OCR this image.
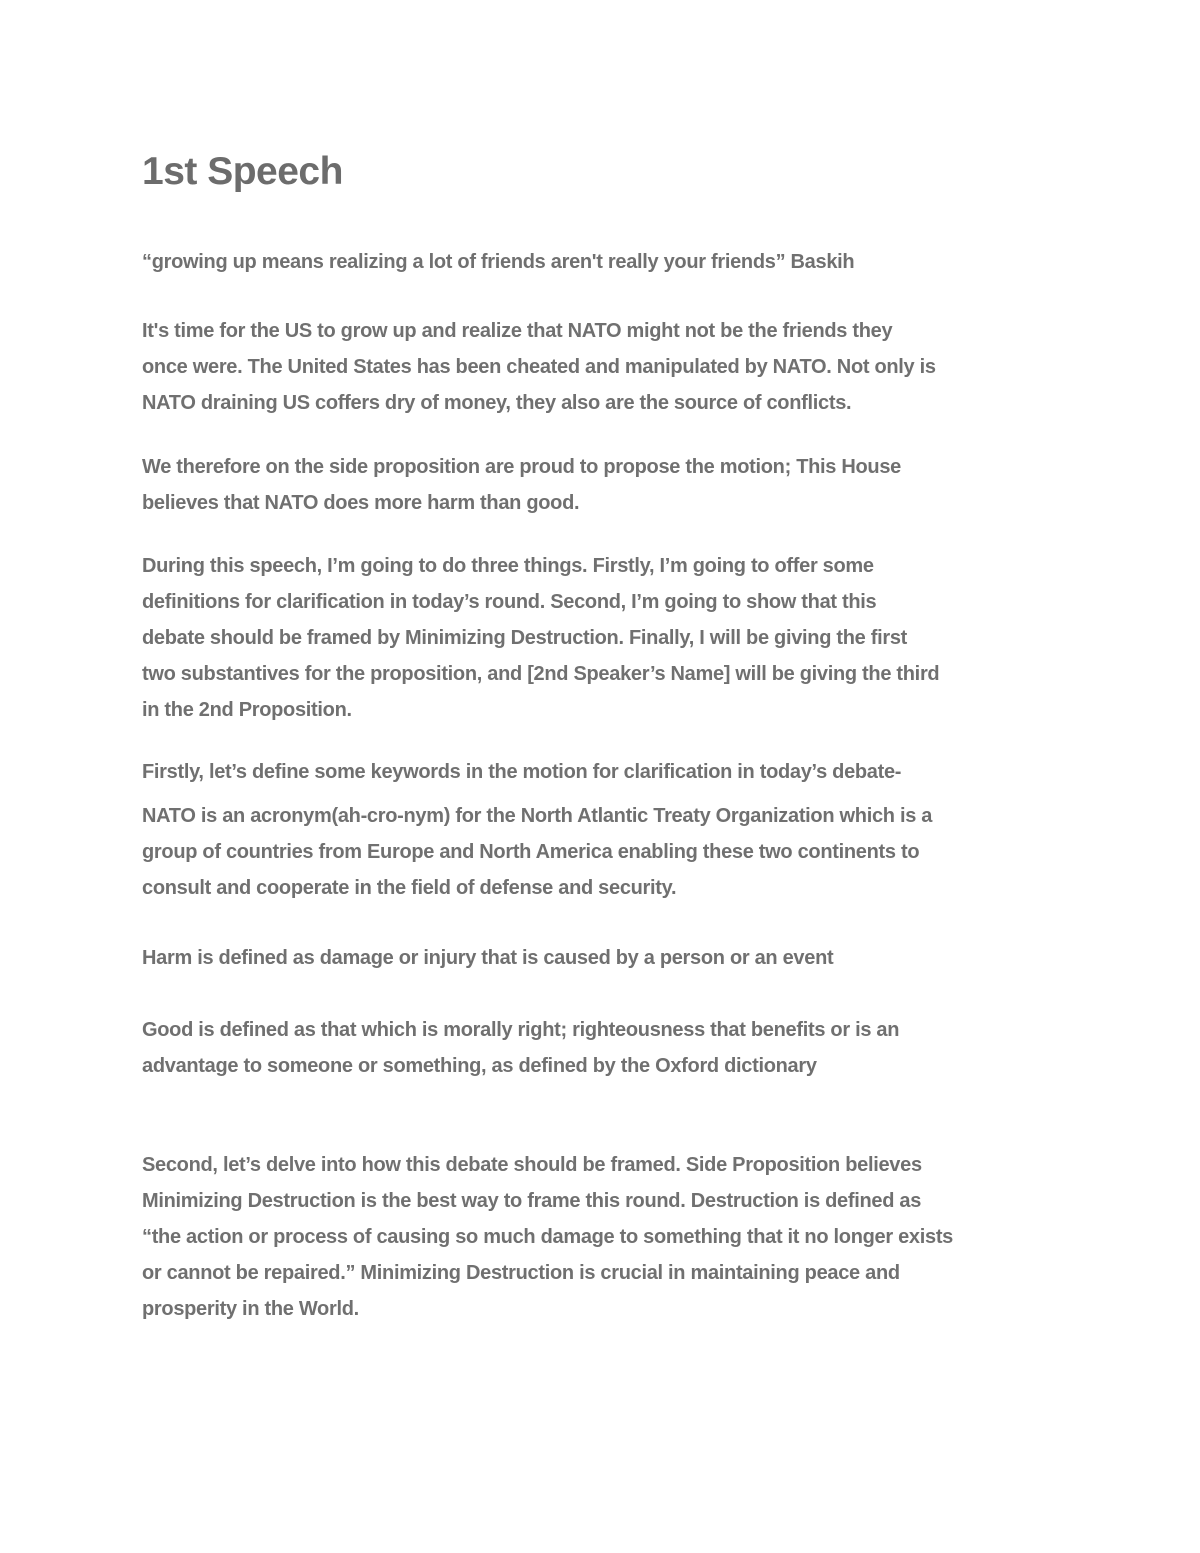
1st Speech

“growing up means realizing a lot of friends aren't really your friends” Baskih

It's time for the US to grow up and realize that NATO might not be the friends they
once were. The United States has been cheated and manipulated by NATO. Not only is
NATO draining US coffers dry of money, they also are the source of conflicts.

We therefore on the side proposition are proud to propose the motion; This House
believes that NATO does more harm than good.

During this speech, I’m going to do three things. Firstly, I’m going to offer some
definitions for clarification in today’s round. Second, I’m going to show that this
debate should be framed by Minimizing Destruction. Finally, I will be giving the first
two substantives for the proposition, and [2nd Speaker’s Name] will be giving the third
in the 2nd Proposition.

Firstly, let’s define some keywords in the motion for clarification in today’s debate-

NATO is an acronym(ah-cro-nym) for the North Atlantic Treaty Organization which is a
group of countries from Europe and North America enabling these two continents to
consult and cooperate in the field of defense and security.

Harm is defined as damage or injury that is caused by a person or an event

Good is defined as that which is morally right; righteousness that benefits or is an
advantage to someone or something, as defined by the Oxford dictionary

Second, let’s delve into how this debate should be framed. Side Proposition believes
Minimizing Destruction is the best way to frame this round. Destruction is defined as
“the action or process of causing so much damage to something that it no longer exists
or cannot be repaired.” Minimizing Destruction is crucial in maintaining peace and
prosperity in the World.
